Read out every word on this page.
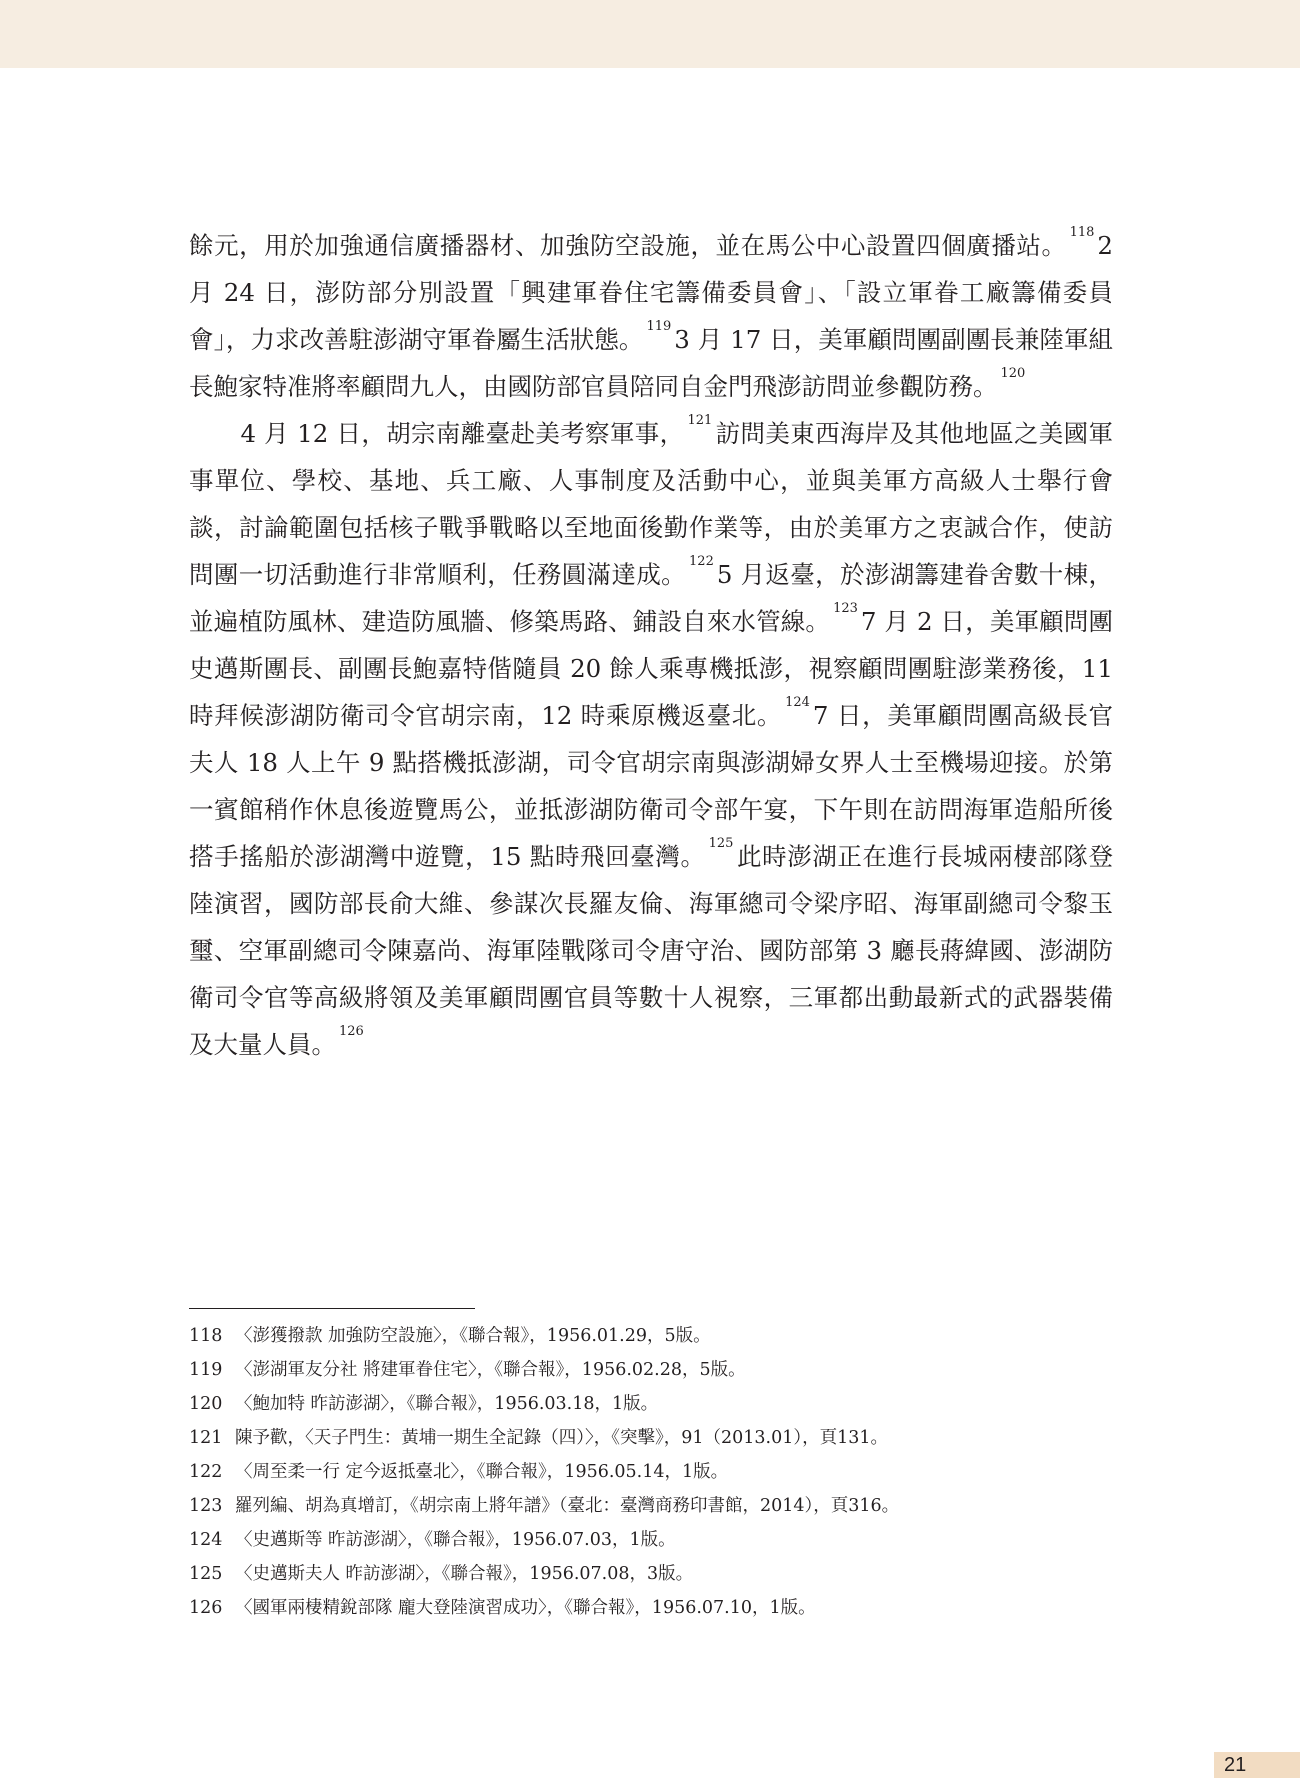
餘元，用於加強通信廣播器材、加強防空設施，並在馬公中心設置四個廣播站。 $^{118}$ 2 月 24 日，澎防部分別設置「興建軍眷住宅籌備委員會」、「設立軍眷工廠籌備委員會」，力求改善駐澎湖守軍眷屬生活狀態。 $^{119}$ 3 月 17 日，美軍顧問團副團長兼陸軍組長鮑家特准將率顧問九人，由國防部官員陪同自金門飛澎訪問並參觀防務。 $^{120}$

4 月 12 日，胡宗南離臺赴美考察軍事， $^{121}$ 訪問美東西海岸及其他地區之美國軍事單位、學校、基地、兵工廠、人事制度及活動中心，並與美軍方高級人士舉行會談，討論範圍包括核子戰爭戰略以至地面後勤作業等，由於美軍方之衷誠合作，使訪問團一切活動進行非常順利，任務圓滿達成。 $^{122}$ 5 月返臺，於澎湖籌建眷舍數十棟，並遍植防風林、建造防風牆、修築馬路、鋪設自來水管線。 $^{123}$ 7 月 2 日，美軍顧問團史邁斯團長、副團長鮑嘉特偕隨員 20 餘人乘專機抵澎，視察顧問團駐澎業務後，11 時拜候澎湖防衛司令官胡宗南，12 時乘原機返臺北。 $^{124}$ 7 日，美軍顧問團高級長官夫人 18 人上午 9 點搭機抵澎湖，司令官胡宗南與澎湖婦女界人士至機場迎接。於第一賓館稍作休息後遊覽馬公，並抵澎湖防衛司令部午宴，下午則在訪問海軍造船所後搭手搖船於澎湖灣中遊覽，15 點時飛回臺灣。 $^{125}$ 此時澎湖正在進行長城兩棲部隊登陸演習，國防部長俞大維、參謀次長羅友倫、海軍總司令梁序昭、海軍副總司令黎玉璽、空軍副總司令陳嘉尚、海軍陸戰隊司令唐守治、國防部第 3 廳長蔣緯國、澎湖防衛司令官等高級將領及美軍顧問團官員等數十人視察，三軍都出動最新式的武器裝備及大量人員。 $^{126}$

118 〈澎獲撥款 加強防空設施〉，《聯合報》，1956.01.29，5版。
119 〈澎湖軍友分社 將建軍眷住宅〉，《聯合報》，1956.02.28，5版。
120 〈鮑加特 昨訪澎湖〉，《聯合報》，1956.03.18，1版。
121 陳予歡，〈天子門生：黃埔一期生全記錄（四）〉，《突擊》，91（2013.01），頁131。
122 〈周至柔一行 定今返抵臺北〉，《聯合報》，1956.05.14，1版。
123 羅列編、胡為真增訂，《胡宗南上將年譜》（臺北：臺灣商務印書館，2014），頁316。
124 〈史邁斯等 昨訪澎湖〉，《聯合報》，1956.07.03，1版。
125 〈史邁斯夫人 昨訪澎湖〉，《聯合報》，1956.07.08，3版。
126 〈國軍兩棲精銳部隊 龐大登陸演習成功〉，《聯合報》，1956.07.10，1版。
21
